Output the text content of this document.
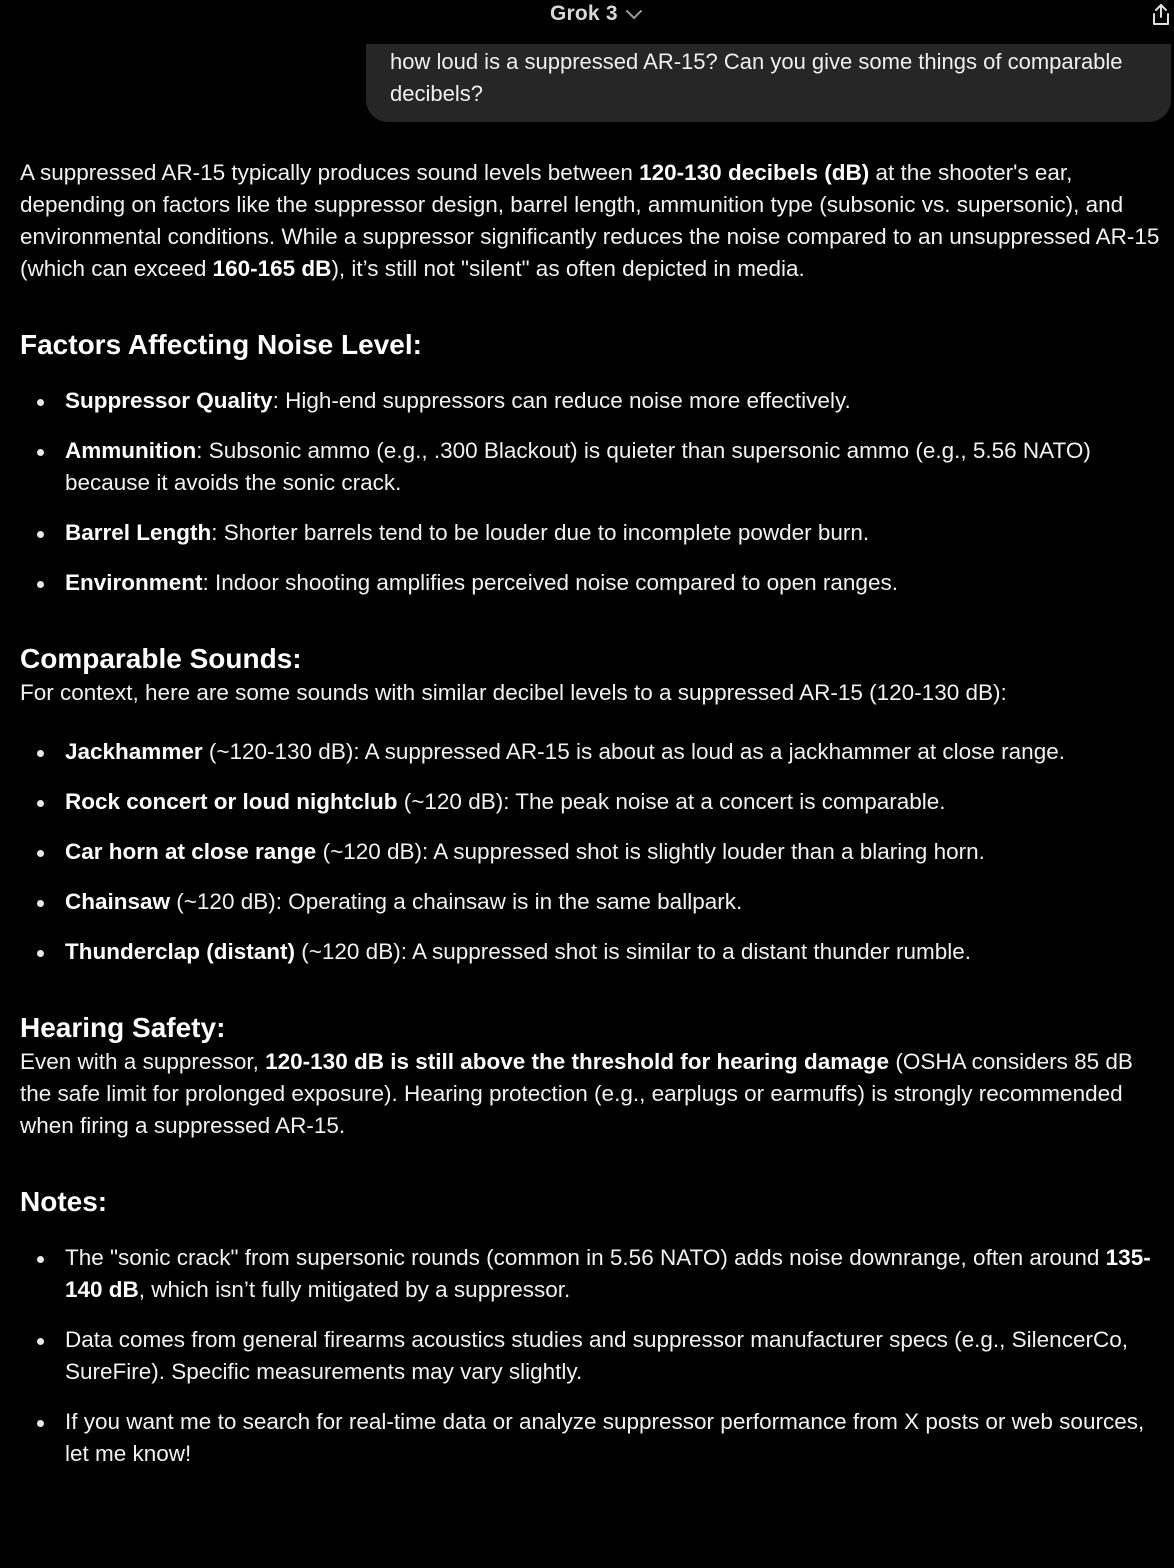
Grok 3
how loud is a suppressed AR-15? Can you give some things of comparable decibels?

A suppressed AR-15 typically produces sound levels between 120-130 decibels (dB) at the shooter's ear, depending on factors like the suppressor design, barrel length, ammunition type (subsonic vs. supersonic), and environmental conditions. While a suppressor significantly reduces the noise compared to an unsuppressed AR-15 (which can exceed 160-165 dB), it’s still not "silent" as often depicted in media.

Factors Affecting Noise Level:
Suppressor Quality: High-end suppressors can reduce noise more effectively.
Ammunition: Subsonic ammo (e.g., .300 Blackout) is quieter than supersonic ammo (e.g., 5.56 NATO) because it avoids the sonic crack.
Barrel Length: Shorter barrels tend to be louder due to incomplete powder burn.
Environment: Indoor shooting amplifies perceived noise compared to open ranges.
Comparable Sounds:

For context, here are some sounds with similar decibel levels to a suppressed AR-15 (120-130 dB):

Jackhammer (~120-130 dB): A suppressed AR-15 is about as loud as a jackhammer at close range.
Rock concert or loud nightclub (~120 dB): The peak noise at a concert is comparable.
Car horn at close range (~120 dB): A suppressed shot is slightly louder than a blaring horn.
Chainsaw (~120 dB): Operating a chainsaw is in the same ballpark.
Thunderclap (distant) (~120 dB): A suppressed shot is similar to a distant thunder rumble.
Hearing Safety:

Even with a suppressor, 120-130 dB is still above the threshold for hearing damage (OSHA considers 85 dB the safe limit for prolonged exposure). Hearing protection (e.g., earplugs or earmuffs) is strongly recommended when firing a suppressed AR-15.

Notes:
The "sonic crack" from supersonic rounds (common in 5.56 NATO) adds noise downrange, often around 135-140 dB, which isn’t fully mitigated by a suppressor.
Data comes from general firearms acoustics studies and suppressor manufacturer specs (e.g., SilencerCo, SureFire). Specific measurements may vary slightly.
If you want me to search for real-time data or analyze suppressor performance from X posts or web sources, let me know!
